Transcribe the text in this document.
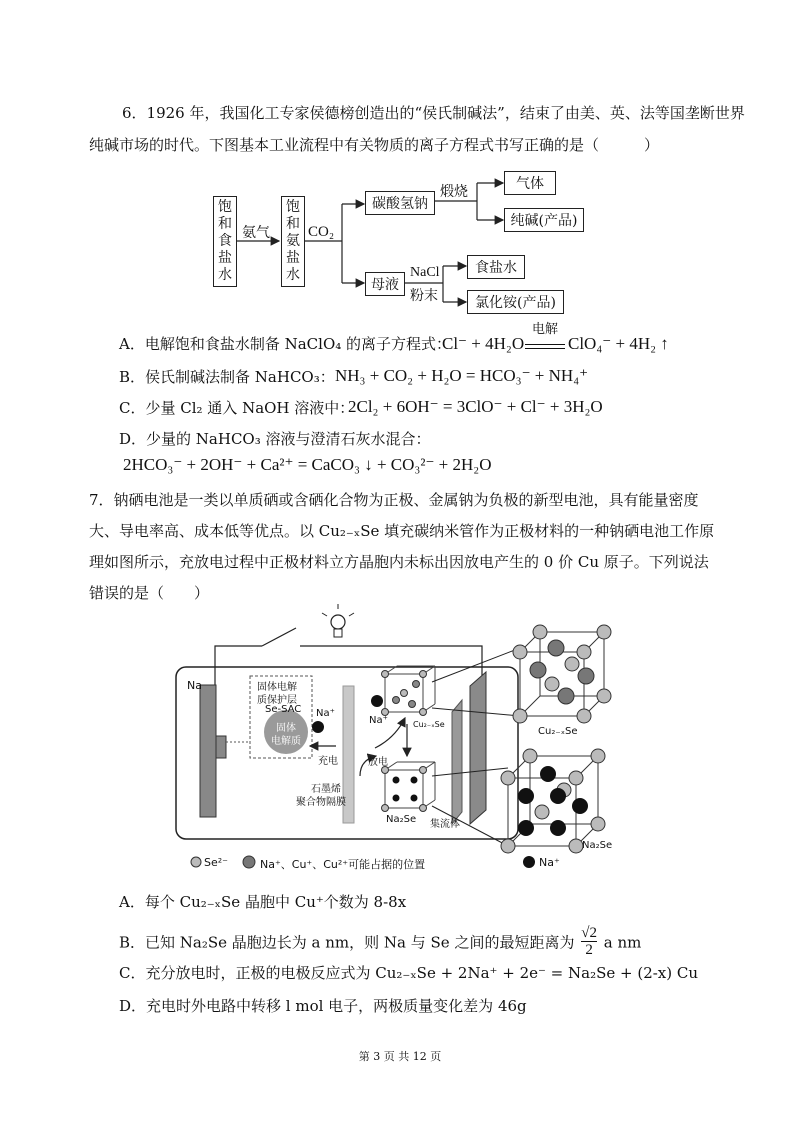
6．1926 年，我国化工专家侯德榜创造出的“侯氏制碱法”，结束了由美、英、法等国垄断世界
纯碱市场的时代。下图基本工业流程中有关物质的离子方程式书写正确的是（　　　）
饱
和
食
盐
水
氨气
饱
和
氨
盐
水
CO₂
碳酸氢钠
煅烧	气体
纯碱(产品)
母液
NaCl
粉末
食盐水
氯化铵(产品)
A．电解饱和食盐水制备 NaClO₄ 的离子方程式：
Cl⁻ + 4H₂O
电解
ClO₄⁻ + 4H₂ ↑
B．侯氏制碱法制备 NaHCO₃： NH₃ + CO₂ + H₂O = HCO₃⁻ + NH₄⁺
C．少量 Cl₂ 通入 NaOH 溶液中：
2Cl₂ + 6OH⁻ = 3ClO⁻ + Cl⁻ + 3H₂O
D．少量的 NaHCO₃ 溶液与澄清石灰水混合：
2HCO₃⁻ + 2OH⁻ + Ca²⁺ = CaCO₃ ↓ + CO₃²⁻ + 2H₂O
7．钠硒电池是一类以单质硒或含硒化合物为正极、金属钠为负极的新型电池，具有能量密度
大、导电率高、成本低等优点。以 Cu₂₋ₓSe 填充碳纳米管作为正极材料的一种钠硒电池工作原
理如图所示，充放电过程中正极材料立方晶胞内未标出因放电产生的 0 价 Cu 原子。下列说法
错误的是（　　）
Na	固体电解
质保护层
Se-SAC
固体
电解质
Na⁺
Na⁺
充电	放电
石墨烯
聚合物隔膜
Cu₂₋ₓSe
Na₂Se 集流体
Cu₂₋ₓSe
Na₂Se
Se²⁻	Na⁺、Cu⁺、Cu²⁺可能占据的位置	Na⁺
A．每个 Cu₂₋ₓSe 晶胞中 Cu⁺个数为 8-8x
B．已知 Na₂Se 晶胞边长为 a nm，则 Na 与 Se 之间的最短距离为 $\frac{√2}{2}$ a nm
C．充分放电时，正极的电极反应式为 Cu₂₋ₓSe + 2Na⁺ + 2e⁻ = Na₂Se + (2-x) Cu
D．充电时外电路中转移 l mol 电子，两极质量变化差为 46g
第 3 页 共 12 页
